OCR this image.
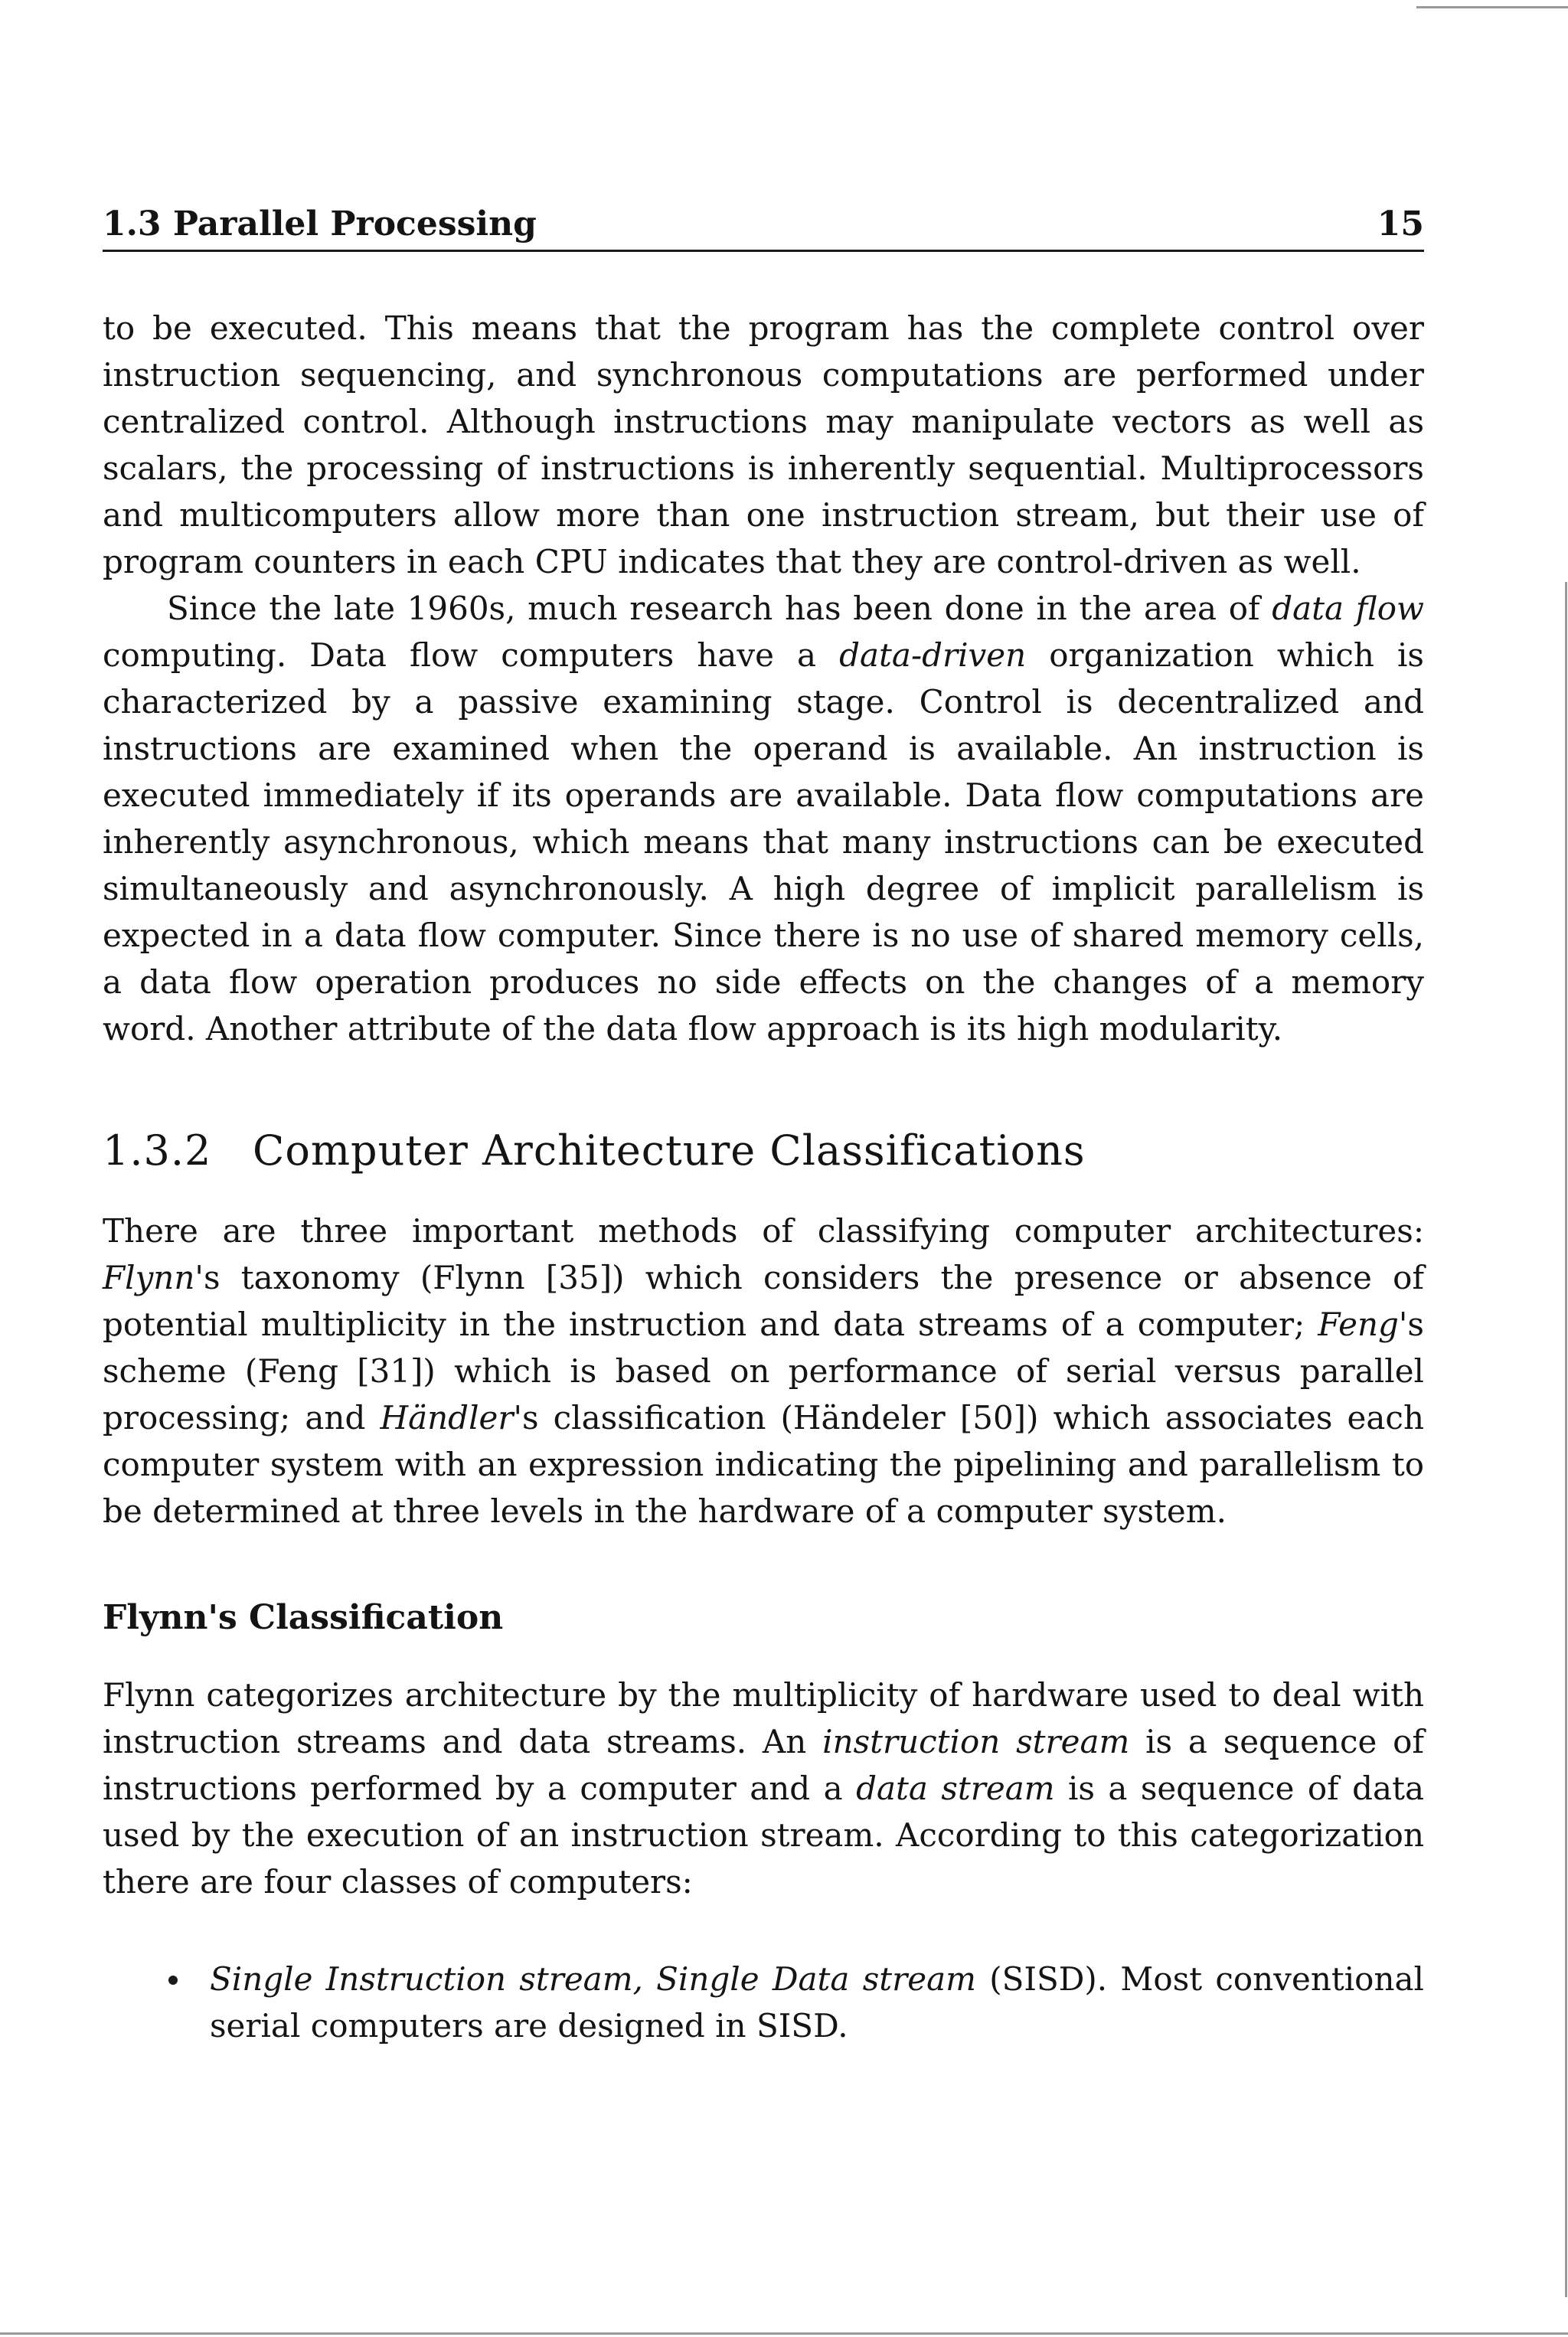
1.3 Parallel Processing	15

to be executed. This means that the program has the complete control over instruction sequencing, and synchronous computations are performed under centralized control. Although instructions may manipulate vectors as well as scalars, the processing of instructions is inherently sequential. Multiprocessors and multicomputers allow more than one instruction stream, but their use of program counters in each CPU indicates that they are control-driven as well.

Since the late 1960s, much research has been done in the area of data flow computing. Data flow computers have a data-driven organization which is characterized by a passive examining stage. Control is decentralized and instructions are examined when the operand is available. An instruction is executed immediately if its operands are available. Data flow computations are inherently asynchronous, which means that many instructions can be executed simultaneously and asynchronously. A high degree of implicit parallelism is expected in a data flow computer. Since there is no use of shared memory cells, a data flow operation produces no side effects on the changes of a memory word. Another attribute of the data flow approach is its high modularity.

1.3.2 Computer Architecture Classifications

There are three important methods of classifying computer architectures: Flynn's taxonomy (Flynn [35]) which considers the presence or absence of potential multiplicity in the instruction and data streams of a computer; Feng's scheme (Feng [31]) which is based on performance of serial versus parallel processing; and Händler's classification (Händeler [50]) which associates each computer system with an expression indicating the pipelining and parallelism to be determined at three levels in the hardware of a computer system.

Flynn's Classification

Flynn categorizes architecture by the multiplicity of hardware used to deal with instruction streams and data streams. An instruction stream is a sequence of instructions performed by a computer and a data stream is a sequence of data used by the execution of an instruction stream. According to this categorization there are four classes of computers:

Single Instruction stream, Single Data stream (SISD). Most conventional serial computers are designed in SISD.
